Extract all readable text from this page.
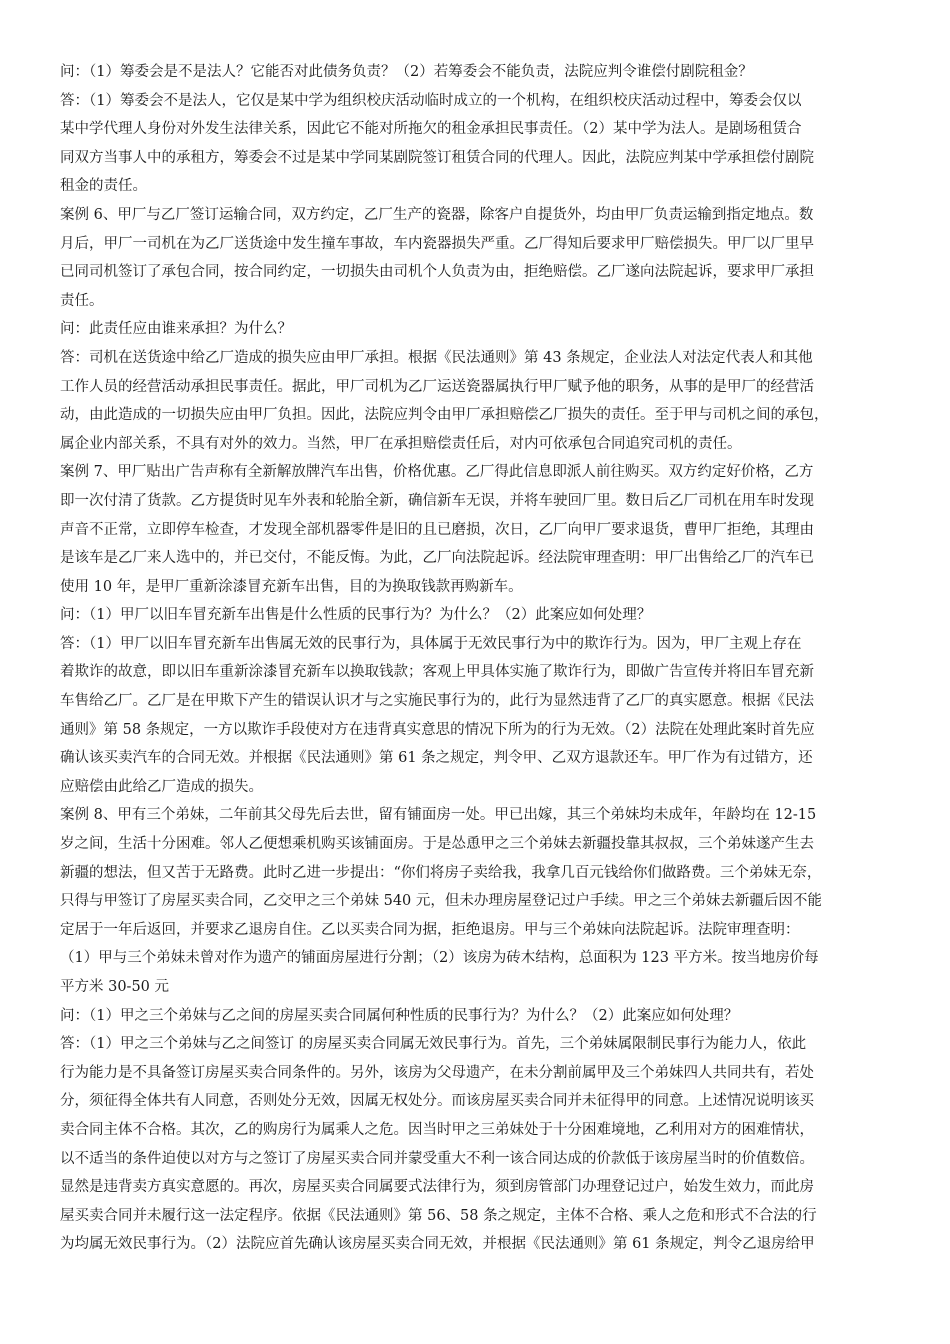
问：（1）筹委会是不是法人？它能否对此债务负责？（2）若筹委会不能负责，法院应判令谁偿付剧院租金？
答：（1）筹委会不是法人，它仅是某中学为组织校庆活动临时成立的一个机构，在组织校庆活动过程中，筹委会仅以
某中学代理人身份对外发生法律关系，因此它不能对所拖欠的租金承担民事责任。（2）某中学为法人。是剧场租赁合
同双方当事人中的承租方，筹委会不过是某中学同某剧院签订租赁合同的代理人。因此，法院应判某中学承担偿付剧院
租金的责任。
案例 6、甲厂与乙厂签订运输合同，双方约定，乙厂生产的瓷器，除客户自提货外，均由甲厂负责运输到指定地点。数
月后，甲厂一司机在为乙厂送货途中发生撞车事故，车内瓷器损失严重。乙厂得知后要求甲厂赔偿损失。甲厂以厂里早
已同司机签订了承包合同，按合同约定，一切损失由司机个人负责为由，拒绝赔偿。乙厂遂向法院起诉，要求甲厂承担
责任。
问：此责任应由谁来承担？为什么？
答：司机在送货途中给乙厂造成的损失应由甲厂承担。根据《民法通则》第 43 条规定，企业法人对法定代表人和其他
工作人员的经营活动承担民事责任。据此，甲厂司机为乙厂运送瓷器属执行甲厂赋予他的职务，从事的是甲厂的经营活
动，由此造成的一切损失应由甲厂负担。因此，法院应判令由甲厂承担赔偿乙厂损失的责任。至于甲与司机之间的承包，
属企业内部关系，不具有对外的效力。当然，甲厂在承担赔偿责任后，对内可依承包合同追究司机的责任。
案例 7、甲厂贴出广告声称有全新解放牌汽车出售，价格优惠。乙厂得此信息即派人前往购买。双方约定好价格，乙方
即一次付清了货款。乙方提货时见车外表和轮胎全新，确信新车无误，并将车驶回厂里。数日后乙厂司机在用车时发现
声音不正常，立即停车检查，才发现全部机器零件是旧的且已磨损，次日，乙厂向甲厂要求退货，曹甲厂拒绝，其理由
是该车是乙厂来人选中的，并已交付，不能反悔。为此，乙厂向法院起诉。经法院审理查明：甲厂出售给乙厂的汽车已
使用 10 年，是甲厂重新涂漆冒充新车出售，目的为换取钱款再购新车。
问：（1）甲厂以旧车冒充新车出售是什么性质的民事行为？为什么？（2）此案应如何处理？
答：（1）甲厂以旧车冒充新车出售属无效的民事行为，具体属于无效民事行为中的欺诈行为。因为，甲厂主观上存在
着欺诈的故意，即以旧车重新涂漆冒充新车以换取钱款；客观上甲具体实施了欺诈行为，即做广告宣传并将旧车冒充新
车售给乙厂。乙厂是在甲欺下产生的错误认识才与之实施民事行为的，此行为显然违背了乙厂的真实愿意。根据《民法
通则》第 58 条规定，一方以欺诈手段使对方在违背真实意思的情况下所为的行为无效。（2）法院在处理此案时首先应
确认该买卖汽车的合同无效。并根据《民法通则》第 61 条之规定，判令甲、乙双方退款还车。甲厂作为有过错方，还
应赔偿由此给乙厂造成的损失。
案例 8、甲有三个弟妹，二年前其父母先后去世，留有铺面房一处。甲已出嫁，其三个弟妹均未成年，年龄均在 12-15
岁之间，生活十分困难。邻人乙便想乘机购买该铺面房。于是怂恿甲之三个弟妹去新疆投靠其叔叔，三个弟妹遂产生去
新疆的想法，但又苦于无路费。此时乙进一步提出：“你们将房子卖给我，我拿几百元钱给你们做路费。三个弟妹无奈，
只得与甲签订了房屋买卖合同，乙交甲之三个弟妹 540 元，但未办理房屋登记过户手续。甲之三个弟妹去新疆后因不能
定居于一年后返回，并要求乙退房自住。乙以买卖合同为据，拒绝退房。甲与三个弟妹向法院起诉。法院审理查明：
（1）甲与三个弟妹未曾对作为遗产的铺面房屋进行分割；（2）该房为砖木结构，总面积为 123 平方米。按当地房价每
平方米 30-50 元
问：（1）甲之三个弟妹与乙之间的房屋买卖合同属何种性质的民事行为？为什么？（2）此案应如何处理？
答：（1）甲之三个弟妹与乙之间签订 的房屋买卖合同属无效民事行为。首先，三个弟妹属限制民事行为能力人，依此
行为能力是不具备签订房屋买卖合同条件的。另外，该房为父母遗产，在未分割前属甲及三个弟妹四人共同共有，若处
分，须征得全体共有人同意，否则处分无效，因属无权处分。而该房屋买卖合同并未征得甲的同意。上述情况说明该买
卖合同主体不合格。其次，乙的购房行为属乘人之危。因当时甲之三弟妹处于十分困难境地，乙利用对方的困难情状，
以不适当的条件迫使以对方与之签订了房屋买卖合同并蒙受重大不利一该合同达成的价款低于该房屋当时的价值数倍。
显然是违背卖方真实意愿的。再次，房屋买卖合同属要式法律行为，须到房管部门办理登记过户，始发生效力，而此房
屋买卖合同并未履行这一法定程序。依据《民法通则》第 56、58 条之规定，主体不合格、乘人之危和形式不合法的行
为均属无效民事行为。（2）法院应首先确认该房屋买卖合同无效，并根据《民法通则》第 61 条规定，判令乙退房给甲
